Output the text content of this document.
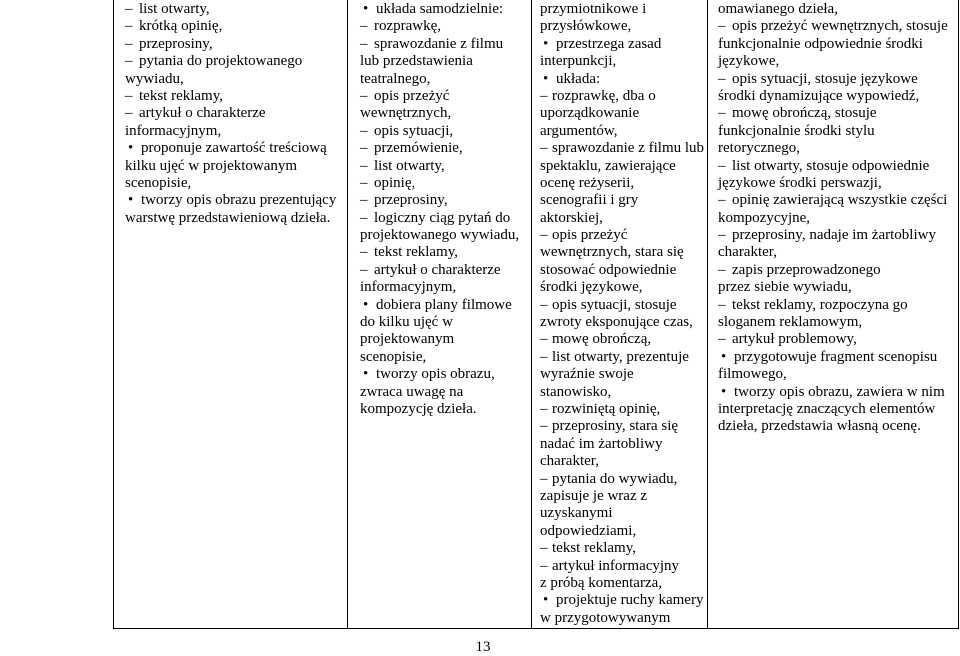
– list otwarty,
– krótką opinię,
– przeprosiny,
– pytania do projektowanego
wywiadu,
– tekst reklamy,
– artykuł o charakterze
informacyjnym,
• proponuje zawartość treściową
kilku ujęć w projektowanym
scenopisie,
• tworzy opis obrazu prezentujący
warstwę przedstawieniową dzieła.
• układa samodzielnie:
– rozprawkę,
– sprawozdanie z filmu
lub przedstawienia
teatralnego,
– opis przeżyć
wewnętrznych,
– opis sytuacji,
– przemówienie,
– list otwarty,
– opinię,
– przeprosiny,
– logiczny ciąg pytań do
projektowanego wywiadu,
– tekst reklamy,
– artykuł o charakterze
informacyjnym,
• dobiera plany filmowe
do kilku ujęć w
projektowanym
scenopisie,
• tworzy opis obrazu,
zwraca uwagę na
kompozycję dzieła.
przymiotnikowe i
przysłówkowe,
• przestrzega zasad
interpunkcji,
• układa:
– rozprawkę, dba o
uporządkowanie
argumentów,
– sprawozdanie z filmu lub
spektaklu, zawierające
ocenę reżyserii,
scenografii i gry
aktorskiej,
– opis przeżyć
wewnętrznych, stara się
stosować odpowiednie
środki językowe,
– opis sytuacji, stosuje
zwroty eksponujące czas,
– mowę obrończą,
– list otwarty, prezentuje
wyraźnie swoje
stanowisko,
– rozwiniętą opinię,
– przeprosiny, stara się
nadać im żartobliwy
charakter,
– pytania do wywiadu,
zapisuje je wraz z
uzyskanymi
odpowiedziami,
– tekst reklamy,
– artykuł informacyjny
z próbą komentarza,
• projektuje ruchy kamery
w przygotowywanym
omawianego dzieła,
– opis przeżyć wewnętrznych, stosuje
funkcjonalnie odpowiednie środki
językowe,
– opis sytuacji, stosuje językowe
środki dynamizujące wypowiedź,
– mowę obrończą, stosuje
funkcjonalnie środki stylu
retorycznego,
– list otwarty, stosuje odpowiednie
językowe środki perswazji,
– opinię zawierającą wszystkie części
kompozycyjne,
– przeprosiny, nadaje im żartobliwy
charakter,
– zapis przeprowadzonego
przez siebie wywiadu,
– tekst reklamy, rozpoczyna go
sloganem reklamowym,
– artykuł problemowy,
• przygotowuje fragment scenopisu
filmowego,
• tworzy opis obrazu, zawiera w nim
interpretację znaczących elementów
dzieła, przedstawia własną ocenę.
13
